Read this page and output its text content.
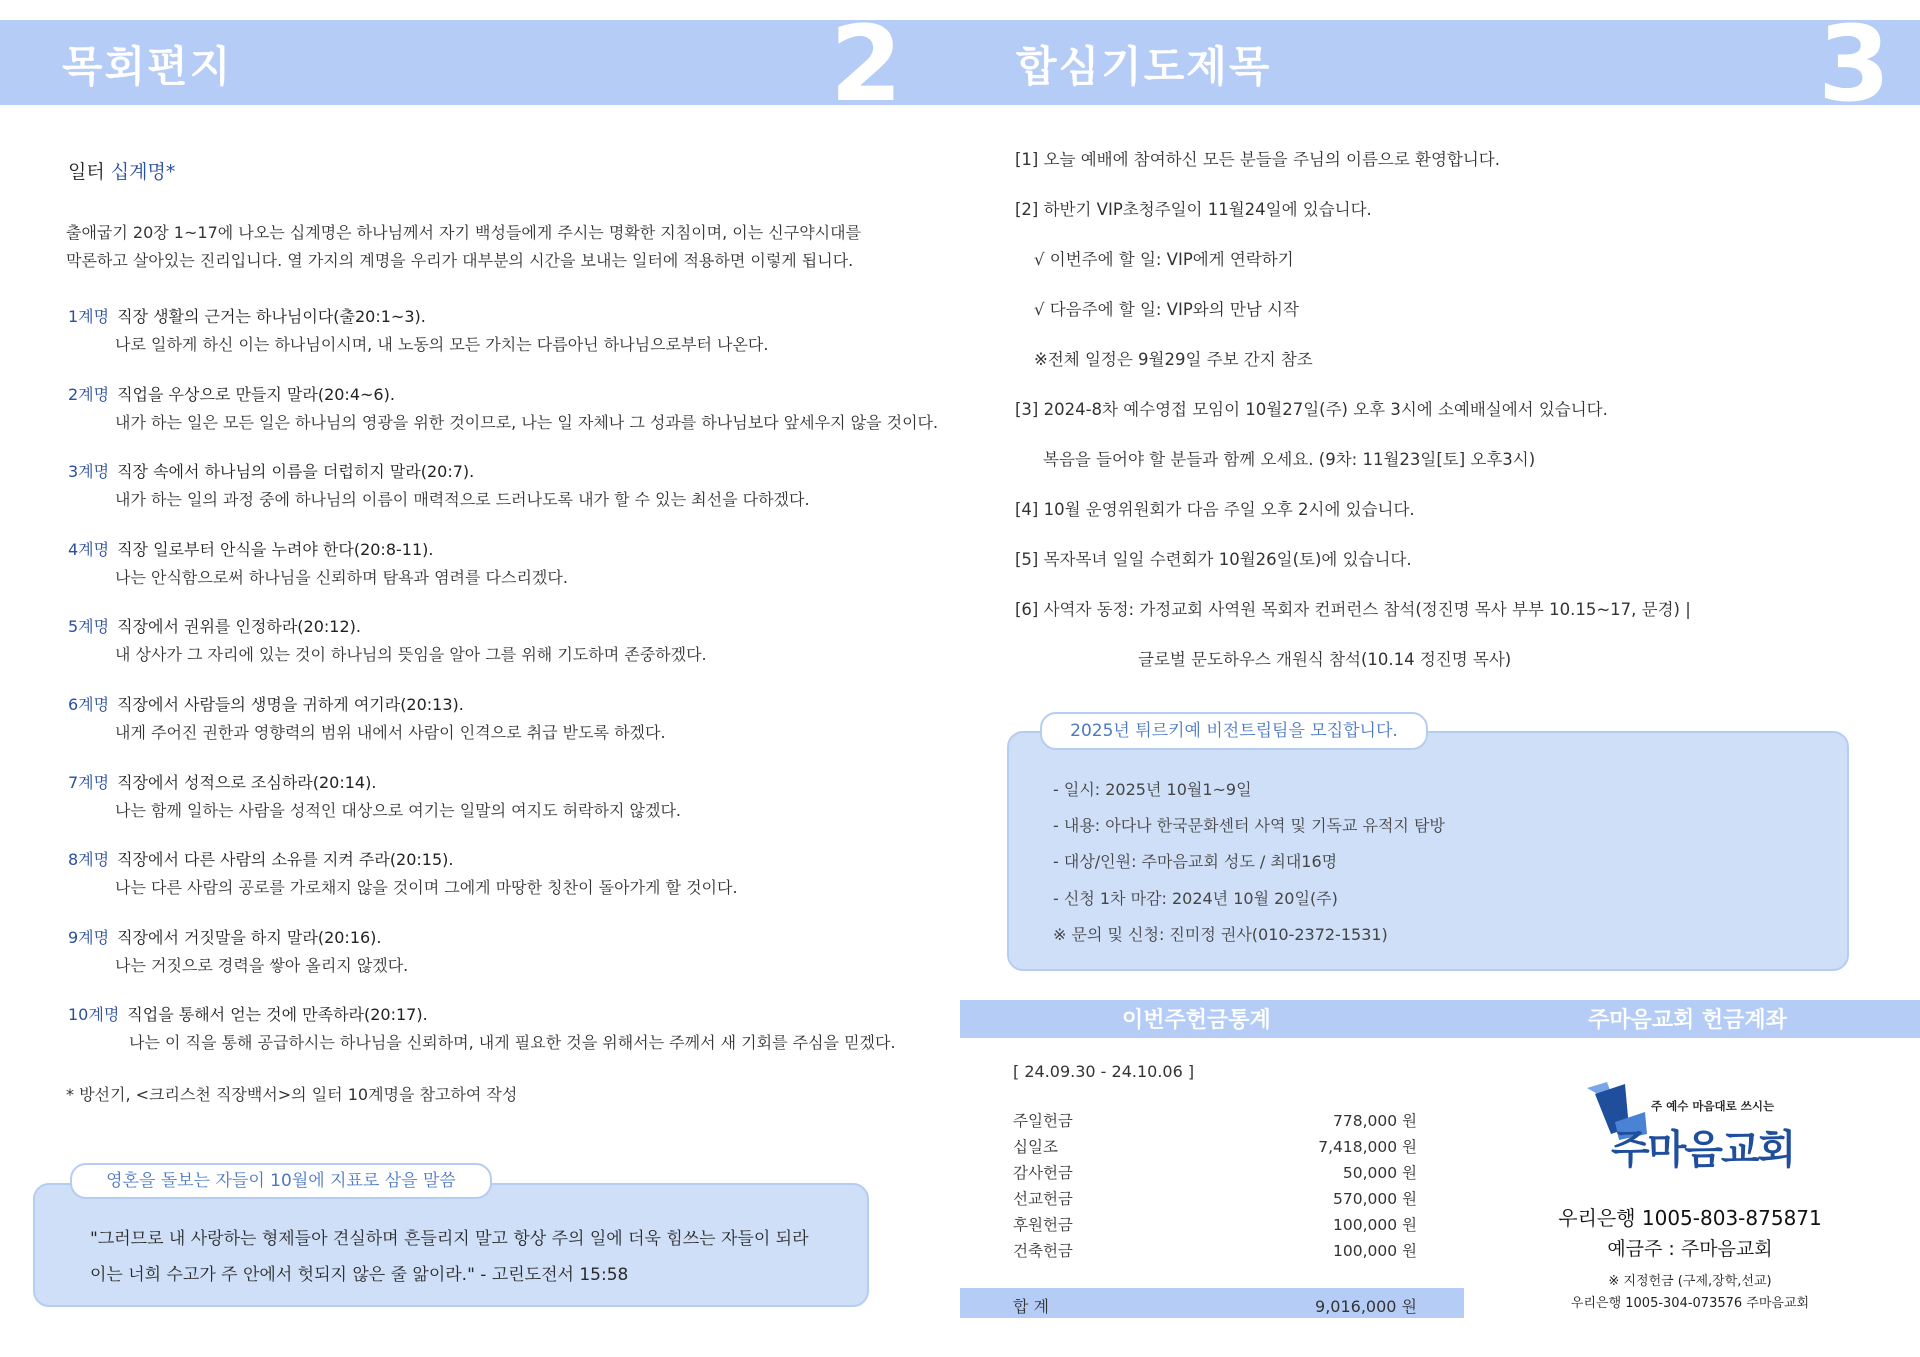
목회편지	2	합심기도제목	3
일터 십계명*
출애굽기 20장 1~17에 나오는 십계명은 하나님께서 자기 백성들에게 주시는 명확한 지침이며, 이는 신구약시대를
막론하고 살아있는 진리입니다. 열 가지의 계명을 우리가 대부분의 시간을 보내는 일터에 적용하면 이렇게 됩니다.
1계명 직장 생활의 근거는 하나님이다(출20:1~3).
나로 일하게 하신 이는 하나님이시며, 내 노동의 모든 가치는 다름아닌 하나님으로부터 나온다.
2계명 직업을 우상으로 만들지 말라(20:4~6).
내가 하는 일은 모든 일은 하나님의 영광을 위한 것이므로, 나는 일 자체나 그 성과를 하나님보다 앞세우지 않을 것이다.
3계명 직장 속에서 하나님의 이름을 더럽히지 말라(20:7).
내가 하는 일의 과정 중에 하나님의 이름이 매력적으로 드러나도록 내가 할 수 있는 최선을 다하겠다.
4계명 직장 일로부터 안식을 누려야 한다(20:8-11).
나는 안식함으로써 하나님을 신뢰하며 탐욕과 염려를 다스리겠다.
5계명 직장에서 권위를 인정하라(20:12).
내 상사가 그 자리에 있는 것이 하나님의 뜻임을 알아 그를 위해 기도하며 존중하겠다.
6계명 직장에서 사람들의 생명을 귀하게 여기라(20:13).
내게 주어진 권한과 영향력의 범위 내에서 사람이 인격으로 취급 받도록 하겠다.
7계명 직장에서 성적으로 조심하라(20:14).
나는 함께 일하는 사람을 성적인 대상으로 여기는 일말의 여지도 허락하지 않겠다.
8계명 직장에서 다른 사람의 소유를 지켜 주라(20:15).
나는 다른 사람의 공로를 가로채지 않을 것이며 그에게 마땅한 칭찬이 돌아가게 할 것이다.
9계명 직장에서 거짓말을 하지 말라(20:16).
나는 거짓으로 경력을 쌓아 올리지 않겠다.
10계명 직업을 통해서 얻는 것에 만족하라(20:17).
나는 이 직을 통해 공급하시는 하나님을 신뢰하며, 내게 필요한 것을 위해서는 주께서 새 기회를 주심을 믿겠다.
* 방선기, <크리스천 직장백서>의 일터 10계명을 참고하여 작성
영혼을 돌보는 자들이 10월에 지표로 삼을 말씀
"그러므로 내 사랑하는 형제들아 견실하며 흔들리지 말고 항상 주의 일에 더욱 힘쓰는 자들이 되라
이는 너희 수고가 주 안에서 헛되지 않은 줄 앎이라." - 고린도전서 15:58
[1] 오늘 예배에 참여하신 모든 분들을 주님의 이름으로 환영합니다.
[2] 하반기 VIP초청주일이 11월24일에 있습니다.
√ 이번주에 할 일: VIP에게 연락하기
√ 다음주에 할 일: VIP와의 만남 시작
※전체 일정은 9월29일 주보 간지 참조
[3] 2024-8차 예수영접 모임이 10월27일(주) 오후 3시에 소예배실에서 있습니다.
복음을 들어야 할 분들과 함께 오세요. (9차: 11월23일[토] 오후3시)
[4] 10월 운영위원회가 다음 주일 오후 2시에 있습니다.
[5] 목자목녀 일일 수련회가 10월26일(토)에 있습니다.
[6] 사역자 동정: 가정교회 사역원 목회자 컨퍼런스 참석(정진명 목사 부부 10.15~17, 문경) |
글로벌 문도하우스 개원식 참석(10.14 정진명 목사)
2025년 튀르키예 비전트립팀을 모집합니다.
- 일시: 2025년 10월1~9일
- 내용: 아다나 한국문화센터 사역 및 기독교 유적지 탐방
- 대상/인원: 주마음교회 성도 / 최대16명
- 신청 1차 마감: 2024년 10월 20일(주)
※ 문의 및 신청: 진미정 권사(010-2372-1531)
이번주헌금통계	주마음교회 헌금계좌
[ 24.09.30 - 24.10.06 ]
주일헌금	778,000 원
십일조	7,418,000 원
감사헌금	50,000 원
선교헌금	570,000 원
후원헌금	100,000 원
건축헌금	100,000 원
합 계	9,016,000 원
주 예수 마음대로 쓰시는
주마음교회
우리은행 1005-803-875871
예금주 : 주마음교회
※ 지정헌금 (구제,장학,선교)
우리은행 1005-304-073576 주마음교회
